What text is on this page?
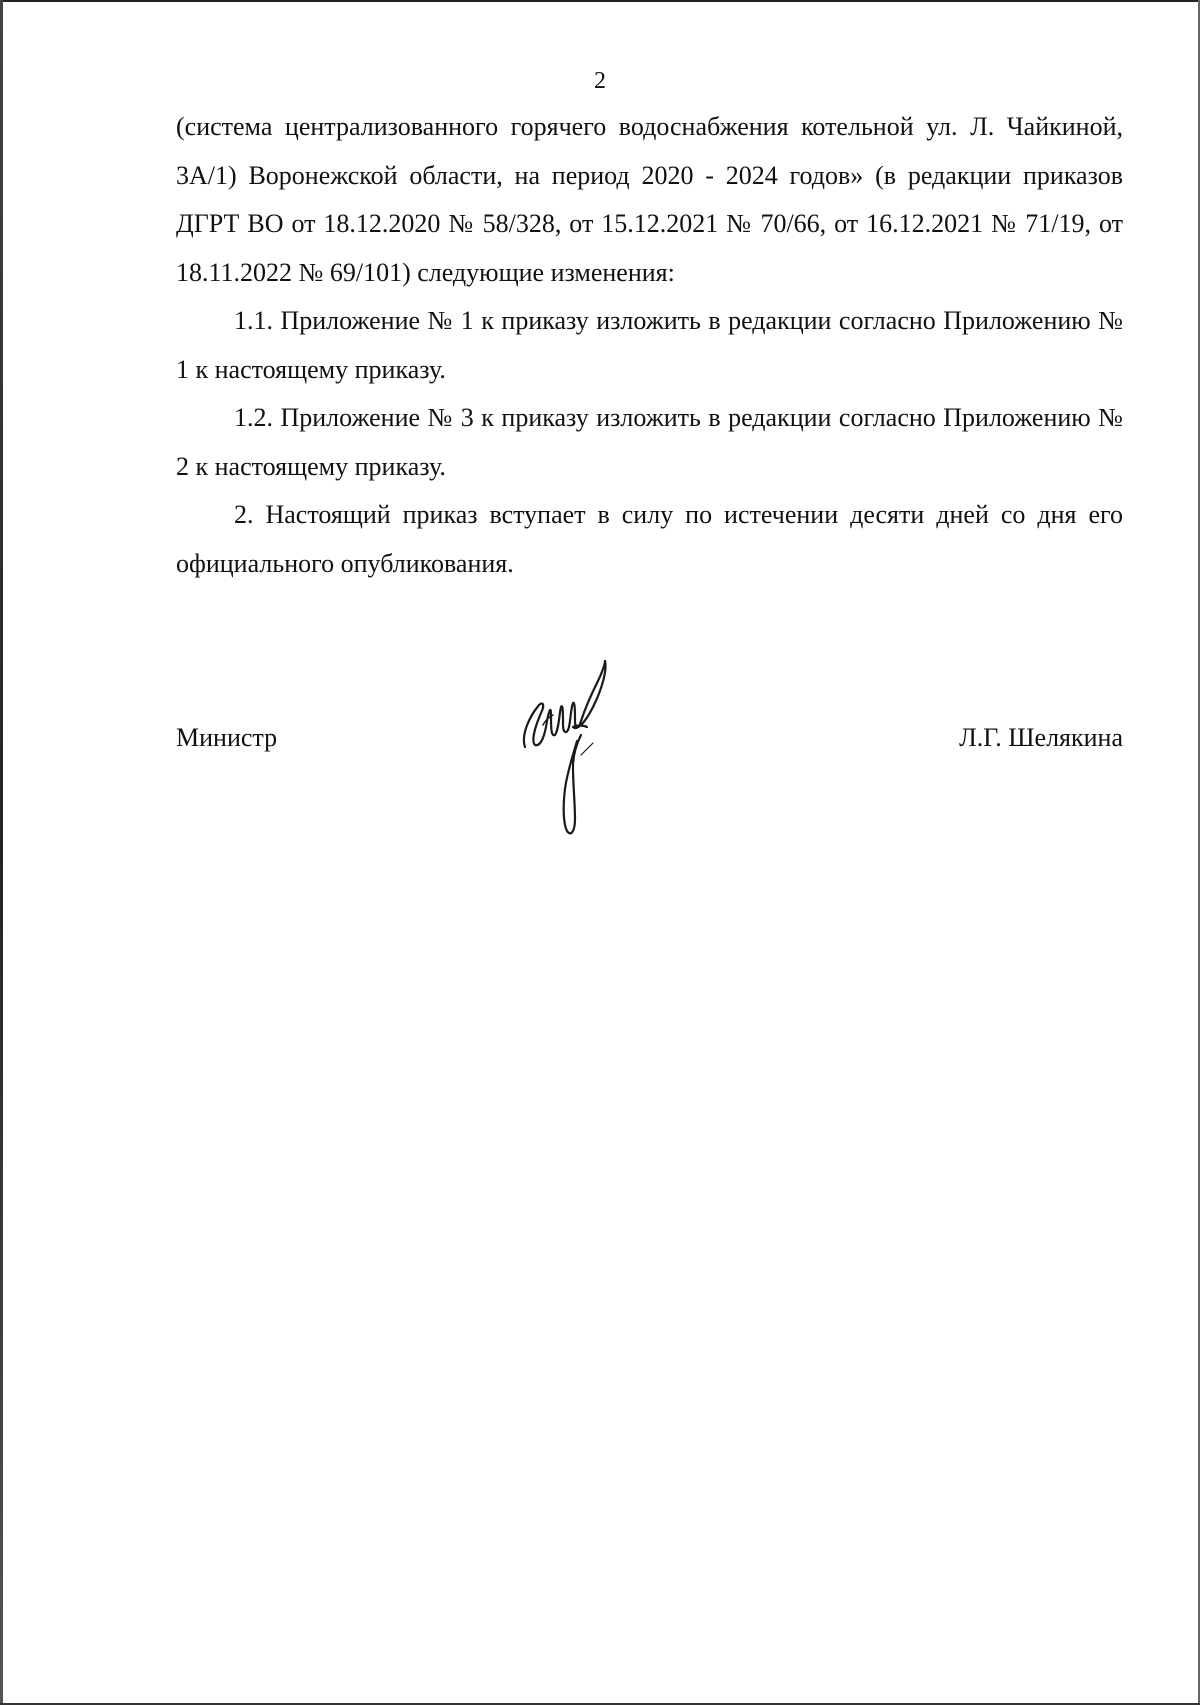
2

(система централизованного горячего водоснабжения котельной ул. Л. Чайкиной, 3А/1) Воронежской области, на период 2020 - 2024 годов» (в редакции приказов ДГРТ ВО от 18.12.2020 № 58/328, от 15.12.2021 № 70/66, от 16.12.2021 № 71/19, от 18.11.2022 № 69/101) следующие изменения:

1.1. Приложение № 1 к приказу изложить в редакции согласно Приложению № 1 к настоящему приказу.

1.2. Приложение № 3 к приказу изложить в редакции согласно Приложению № 2 к настоящему приказу.

2. Настоящий приказ вступает в силу по истечении десяти дней со дня его официального опубликования.

Министр	Л.Г. Шелякина
